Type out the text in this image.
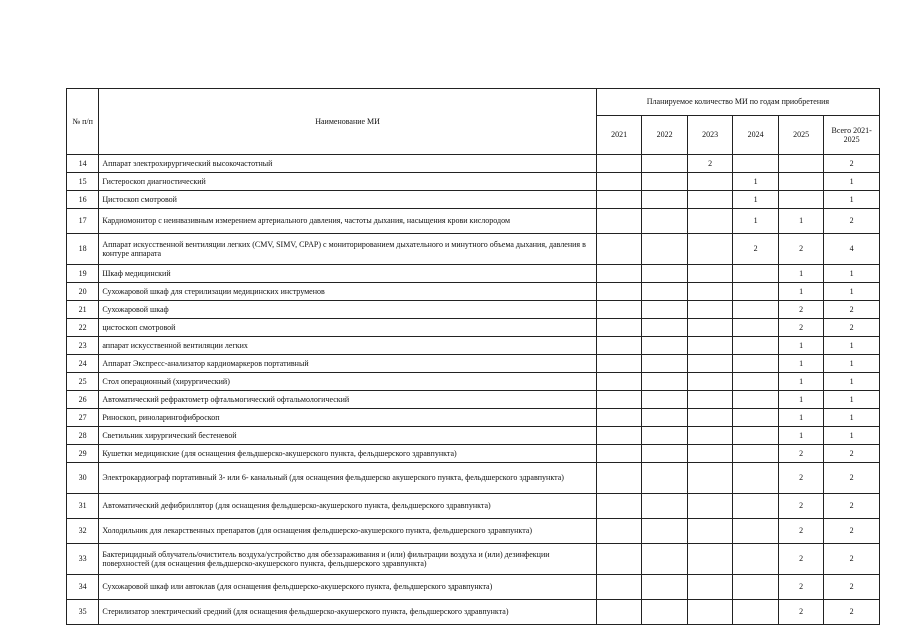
№ п/п	Наименование МИ	Планируемое количество МИ по годам приобретения					
		2021	2022	2023	2024	2025	Всего 2021-2025
14	Аппарат электрохирургический высокочастотный			2			2
15	Гистероскоп диагностический				1		1
16	Цистоскоп смотровой				1		1
17	Кардиомонитор с неинвазивным измерением артериального давления, частоты дыхания, насыщения крови кислородом				1	1	2
18	Аппарат искусственной вентиляции легких (CMV, SIMV, CPAP) с мониторированием дыхательного и минутного объема дыхания, давления в контуре аппарата				2	2	4
19	Шкаф медицинский					1	1
20	Сухожаровой шкаф для стерилизации медицинских инструменов					1	1
21	Сухожаровой шкаф					2	2
22	цистоскоп смотровой					2	2
23	аппарат искусственной вентиляции легких					1	1
24	Аппарат Экспресс-анализатор кардиомаркеров портативный					1	1
25	Стол операционный (хирургический)					1	1
26	Автоматический рефрактометр офтальмогический офтальмологический					1	1
27	Риноскоп, риноларингофиброскоп					1	1
28	Светильник хирургический бестеневой					1	1
29	Кушетки медицинские (для оснащения фельдшерско-акушерского пункта, фельдшерского здравпункта)					2	2
30	Электрокардиограф портативный 3- или 6- канальный (для оснащения фельдшерско акушерского пункта, фельдшерского здравпункта)					2	2
31	Автоматический дефибриллятор (для оснащения фельдшерско-акушерского пункта, фельдшерского здравпункта)					2	2
32	Холодильник для лекарственных препаратов (для оснащения фельдшерско-акушерского пункта, фельдшерского здравпункта)					2	2
33	Бактерицидный облучатель/очиститель воздуха/устройство для обеззараживания и (или) фильтрации воздуха и (или) дезинфекции поверхностей (для оснащения фельдшерско-акушерского пункта, фельдшерского здравпункта)					2	2
34	Сухожаровой шкаф или автоклав (для оснащения фельдшерско-акушерского пункта, фельдшерского здравпункта)					2	2
35	Стерилизатор электрический средний (для оснащения фельдшерско-акушерского пункта, фельдшерского здравпункта)					2	2
